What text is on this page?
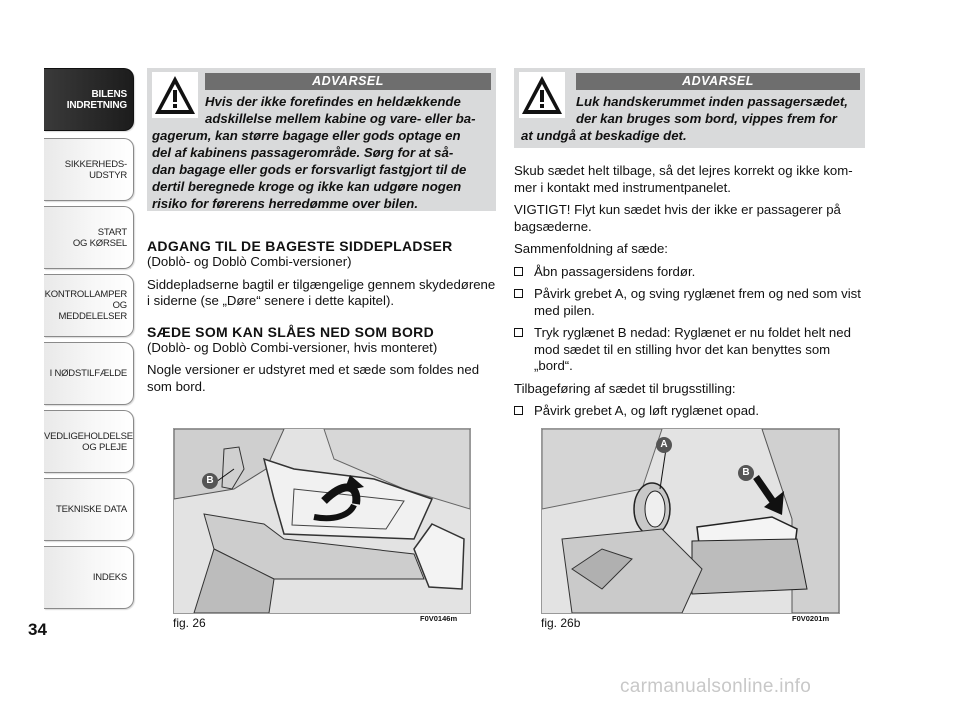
BILENS
INDRETNING
SIKKERHEDS-
UDSTYR
START
OG KØRSEL
KONTROLLAMPER
OG MEDDELELSER
I NØDSTILFÆLDE
VEDLIGEHOLDELSE
OG PLEJE
TEKNISKE DATA
INDEKS
34
ADVARSEL
Hvis der ikke forefindes en heldækkende
adskillelse mellem kabine og vare- eller ba-
gagerum, kan større bagage eller gods optage en
del af kabinens passagerområde. Sørg for at så-
dan bagage eller gods er forsvarligt fastgjort til de
dertil beregnede kroge og ikke kan udgøre nogen
risiko for førerens herredømme over bilen.
ADVARSEL
Luk handskerummet inden passagersædet,
der kan bruges som bord, vippes frem for
at undgå at beskadige det.
ADGANG TIL DE BAGESTE SIDDEPLADSER

(Doblò- og Doblò Combi-versioner)

Siddepladserne bagtil er tilgængelige gennem skydedørene
i siderne (se „Døre“ senere i dette kapitel).

SÆDE SOM KAN SLÅES NED SOM BORD

(Doblò- og Doblò Combi-versioner, hvis monteret)

Nogle versioner er udstyret med et sæde som foldes ned
som bord.

Skub sædet helt tilbage, så det lejres korrekt og ikke kom-
mer i kontakt med instrumentpanelet.

VIGTIGT! Flyt kun sædet hvis der ikke er passagerer på
bagsæderne.

Sammenfoldning af sæde:

Åbn passagersidens fordør.
Påvirk grebet A, og sving ryglænet frem og ned som vist
med pilen.
Tryk ryglænet B nedad: Ryglænet er nu foldet helt ned
mod sædet til en stilling hvor det kan benyttes som
„bord“.

Tilbageføring af sædet til brugsstilling:

Påvirk grebet A, og løft ryglænet opad.
B
fig. 26	F0V0146m
A
B
fig. 26b	F0V0201m
carmanualsonline.info
